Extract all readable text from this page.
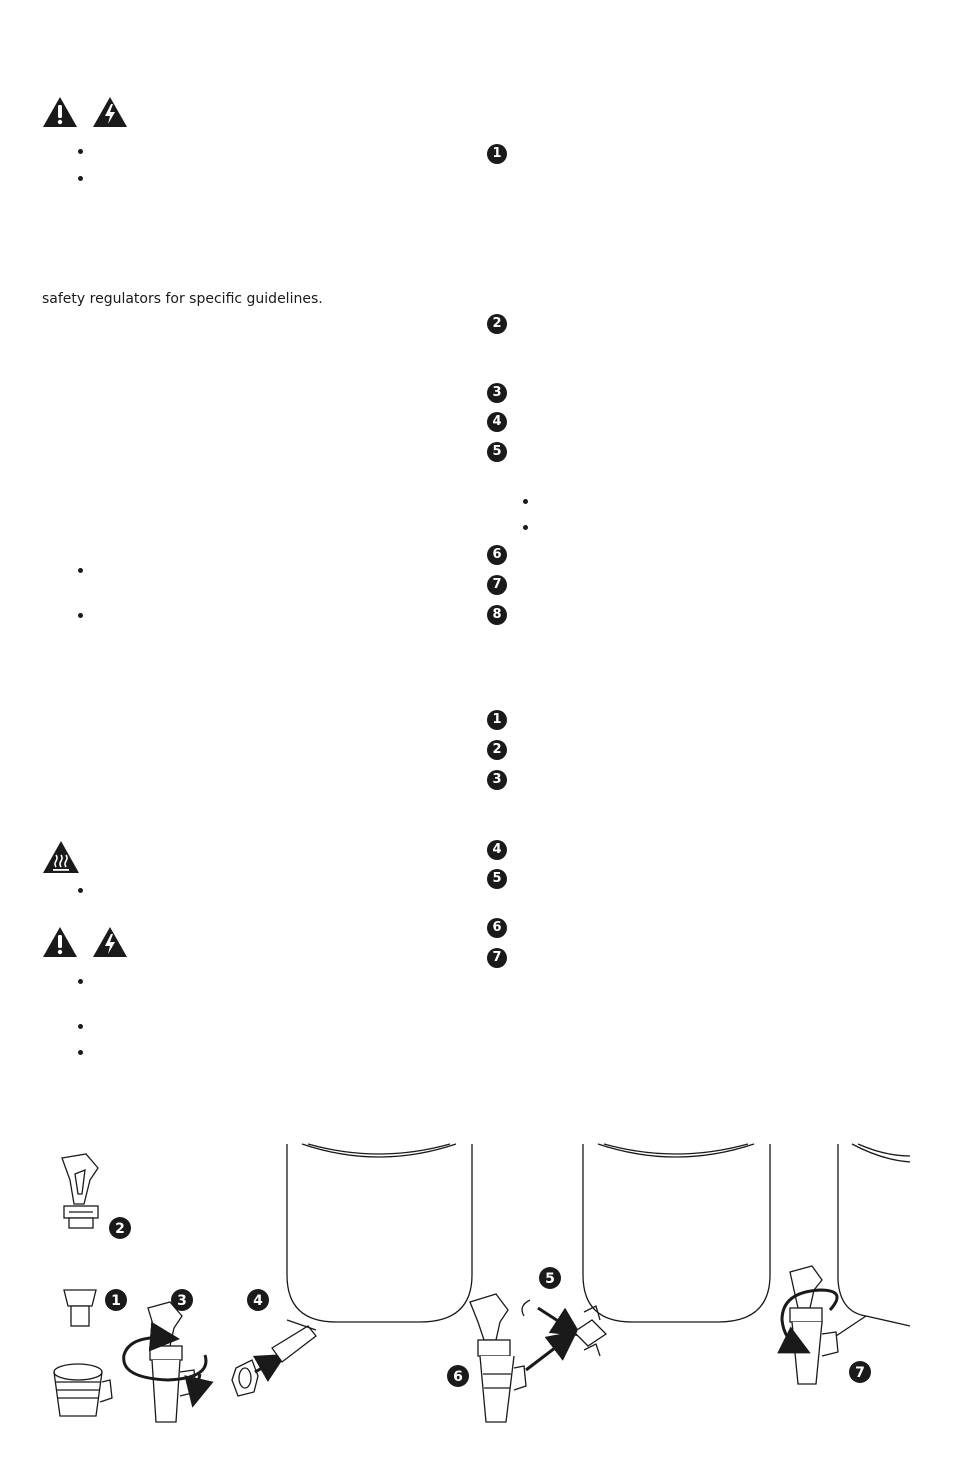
safety regulators for specific guidelines.
1
2
3
4
5
6
7
8
1
2
3
4
5
6
7
2
1	3	4
5
6	7
